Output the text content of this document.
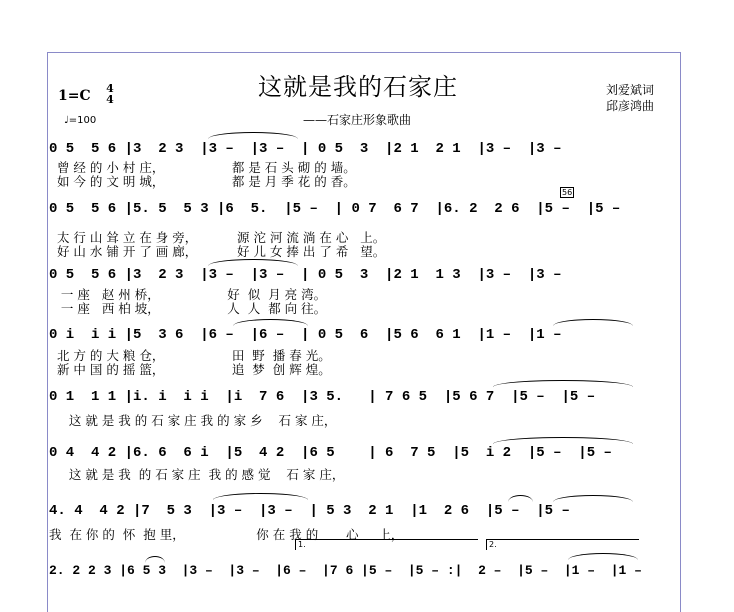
这就是我的石家庄
——石家庄形象歌曲
刘爱斌词
邱彦鸿曲
1=C 4
4
♩=100
0 5  5 6 |3  2 3  |3 –  |3 –  | 0 5  3  |2 1  2 1  |3 –  |3 –
曾 经 的 小 村 庄，                 都 是 石 头 砌 的 墙。
如 今 的 文 明 城，                 都 是 月 季 花 的 香。
56
0 5  5 6 |5. 5  5 3 |6  5.  |5 –  | 0 7  6 7  |6. 2  2 6  |5 –  |5 –
太 行 山 耸 立 在 身 旁，          源 沱 河 流 淌 在 心   上。
好 山 水 铺 开 了 画 廊，          好 儿 女 捧 出 了 希   望。
0 5  5 6 |3  2 3  |3 –  |3 –  | 0 5  3  |2 1  1 3  |3 –  |3 –
一 座   赵 州 桥，                 好  似  月 亮 湾。
一 座   西 柏 坡，                 人  人  都 向 往。
0 i  i i |5  3 6  |6 –  |6 –  | 0 5  6  |5 6  6 1  |1 –  |1 –
北 方 的 大 粮 仓，                 田  野  播 春 光。
新 中 国 的 摇 篮，                 追  梦  创 辉 煌。
0 1  1 1 |i. i  i i  |i  7 6  |3 5.   | 7 6 5  |5 6 7  |5 –  |5 –
这 就 是 我 的 石 家 庄 我 的 家 乡    石 家 庄，
0 4  4 2 |6. 6  6 i  |5  4 2  |6 5    | 6  7 5  |5  i 2  |5 –  |5 –
这 就 是 我  的 石 家 庄  我 的 感 觉    石 家 庄，
4. 4  4 2 |7  5 3  |3 –  |3 –  | 5 3  2 1  |1  2 6  |5 –  |5 –
我  在 你 的  怀  抱 里，                  你 在 我 的       心     上，
1.	2.
2. 2 2 3 |6 5 3  |3 –  |3 –  |6 –  |7 6 |5 –  |5 – :|  2 –  |5 –  |1 –  |1 –
